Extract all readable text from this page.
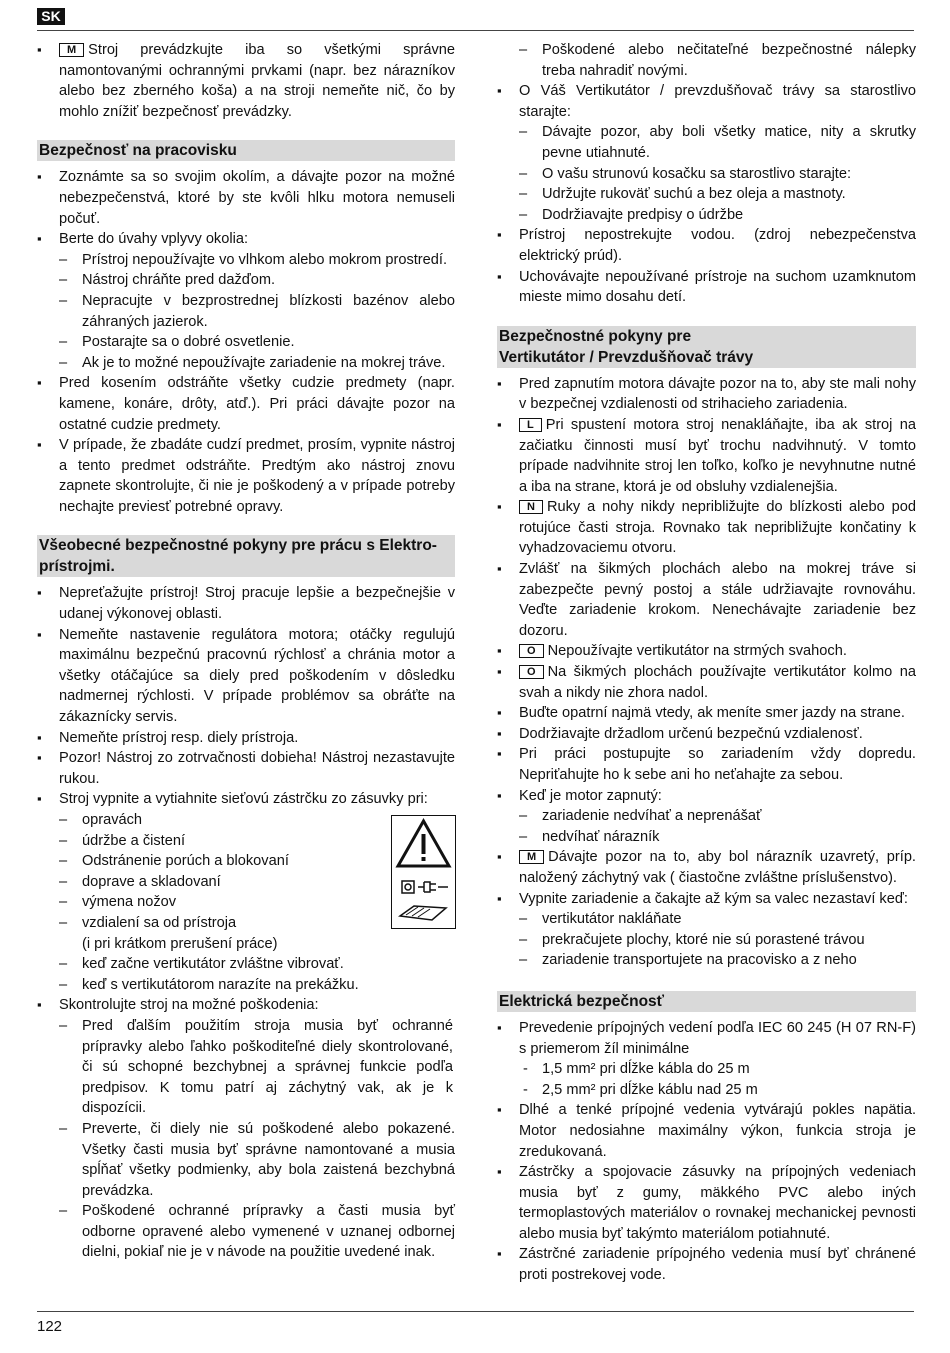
SK

▪ M Stroj prevádzkujte iba so všetkými správne namontovanými ochrannými prvkami (napr. bez nárazníkov alebo bez zberného koša) a na stroji nemeňte nič, čo by mohlo znížiť bezpečnosť prevádzky.

Bezpečnosť na pracovisku

▪ Zoznámte sa so svojim okolím, a dávajte pozor na možné nebezpečenstvá, ktoré by ste kvôli hlku motora nemuseli počuť.

▪ Berte do úvahy vplyvy okolia:

– Prístroj nepoužívajte vo vlhkom alebo mokrom prostredí.

– Nástroj chráňte pred dažďom.

– Nepracujte v bezprostrednej blízkosti bazénov alebo záhraných jazierok.

– Postarajte sa o dobré osvetlenie.

– Ak je to možné nepoužívajte zariadenie na mokrej tráve.

▪ Pred kosením odstráňte všetky cudzie predmety (napr. kamene, konáre, drôty, atď.). Pri práci dávajte pozor na ostatné cudzie predmety.

▪ V prípade, že zbadáte cudzí predmet, prosím, vypnite nástroj a tento predmet odstráňte. Predtým ako nástroj znovu zapnete skontrolujte, či nie je poškodený a v prípade potreby nechajte previesť potrebné opravy.

Všeobecné bezpečnostné pokyny pre prácu s Elektro-prístrojmi.

▪ Nepreťažujte prístroj! Stroj pracuje lepšie a bezpečnejšie v udanej výkonovej oblasti.

▪ Nemeňte nastavenie regulátora motora; otáčky regulujú maximálnu bezpečnú pracovnú rýchlosť a chránia motor a všetky otáčajúce sa diely pred poškodením v dôsledku nadmernej rýchlosti. V prípade problémov sa obráťte na zákaznícky servis.

▪ Nemeňte prístroj resp. diely prístroja.

▪ Pozor! Nástroj zo zotrvačnosti dobieha! Nástroj nezastavujte rukou.

▪ Stroj vypnite a vytiahnite sieťovú zástrčku zo zásuvky pri:

– opravách

– údržbe a čistení

– Odstránenie porúch a blokovaní

– doprave a skladovaní

– výmena nožov

– vzdialení sa od prístroja
(i pri krátkom prerušení práce)

– keď začne vertikutátor zvláštne vibrovať.

– keď s vertikutátorom narazíte na prekážku.

▪ Skontrolujte stroj na možné poškodenia:

– Pred ďalším použitím stroja musia byť ochranné prípravky alebo ľahko poškoditeľné diely skontrolované, či sú schopné bezchybnej a správnej funkcie podľa predpisov. K tomu patrí aj záchytný vak, ak je k dispozícii.

– Preverte, či diely nie sú poškodené alebo pokazené. Všetky časti musia byť správne namontované a musia spĺňať všetky podmienky, aby bola zaistená bezchybná prevádzka.

– Poškodené ochranné prípravky a časti musia byť odborne opravené alebo vymenené v uznanej odbornej dielni, pokiaľ nie je v návode na použitie uvedené inak.

– Poškodené alebo nečitateľné bezpečnostné nálepky treba nahradiť novými.

▪ O Váš Vertikutátor / prevzdušňovač trávy sa starostlivo starajte:

– Dávajte pozor, aby boli všetky matice, nity a skrutky pevne utiahnuté.

– O vašu strunovú kosačku sa starostlivo starajte:

– Udržujte rukoväť suchú a bez oleja a mastnoty.

– Dodržiavajte predpisy o údržbe

▪ Prístroj nepostrekujte vodou. (zdroj nebezpečenstva elektrický prúd).

▪ Uchovávajte nepoužívané prístroje na suchom uzamknutom mieste mimo dosahu detí.

Bezpečnostné pokyny pre
Vertikutátor / Prevzdušňovač trávy

▪ Pred zapnutím motora dávajte pozor na to, aby ste mali nohy v bezpečnej vzdialenosti od strihacieho zariadenia.

▪ L Pri spustení motora stroj nenakláňajte, iba ak stroj na začiatku činnosti musí byť trochu nadvihnutý. V tomto prípade nadvihnite stroj len toľko, koľko je nevyhnutne nutné a iba na strane, ktorá je od obsluhy vzdialenejšia.

▪ N Ruky a nohy nikdy nepribližujte do blízkosti alebo pod rotujúce časti stroja. Rovnako tak nepribližujte končatiny k vyhadzovaciemu otvoru.

▪ Zvlášť na šikmých plochách alebo na mokrej tráve si zabezpečte pevný postoj a stále udržiavajte rovnováhu. Veďte zariadenie krokom. Nenechávajte zariadenie bez dozoru.

▪ O Nepoužívajte vertikutátor na strmých svahoch.

▪ O Na šikmých plochách používajte vertikutátor kolmo na svah a nikdy nie zhora nadol.

▪ Buďte opatrní najmä vtedy, ak meníte smer jazdy na strane.

▪ Dodržiavajte držadlom určenú bezpečnú vzdialenosť.

▪ Pri práci postupujte so zariadením vždy dopredu. Nepriťahujte ho k sebe ani ho neťahajte za sebou.

▪ Keď je motor zapnutý:

– zariadenie nedvíhať a neprenášať

– nedvíhať nárazník

▪ M Dávajte pozor na to, aby bol nárazník uzavretý, príp. naložený záchytný vak ( čiastočne zvláštne príslušenstvo).

▪ Vypnite zariadenie a čakajte až kým sa valec nezastaví keď:

– vertikutátor nakláňate

– prekračujete plochy, ktoré nie sú porastené trávou

– zariadenie transportujete na pracovisko a z neho

Elektrická bezpečnosť

▪ Prevedenie prípojných vedení podľa IEC 60 245 (H 07 RN-F) s priemerom žíl minimálne

- 1,5 mm² pri dĺžke kábla do 25 m

- 2,5 mm² pri dĺžke káblu nad 25 m

▪ Dlhé a tenké prípojné vedenia vytvárajú pokles napätia. Motor nedosiahne maximálny výkon, funkcia stroja je zredukovaná.

▪ Zástrčky a spojovacie zásuvky na prípojných vedeniach musia byť z gumy, mäkkého PVC alebo iných termoplastových materiálov o rovnakej mechanickej pevnosti alebo musia byť takýmto materiálom potiahnuté.

▪ Zástrčné zariadenie prípojného vedenia musí byť chránené proti postrekovej vode.

122
